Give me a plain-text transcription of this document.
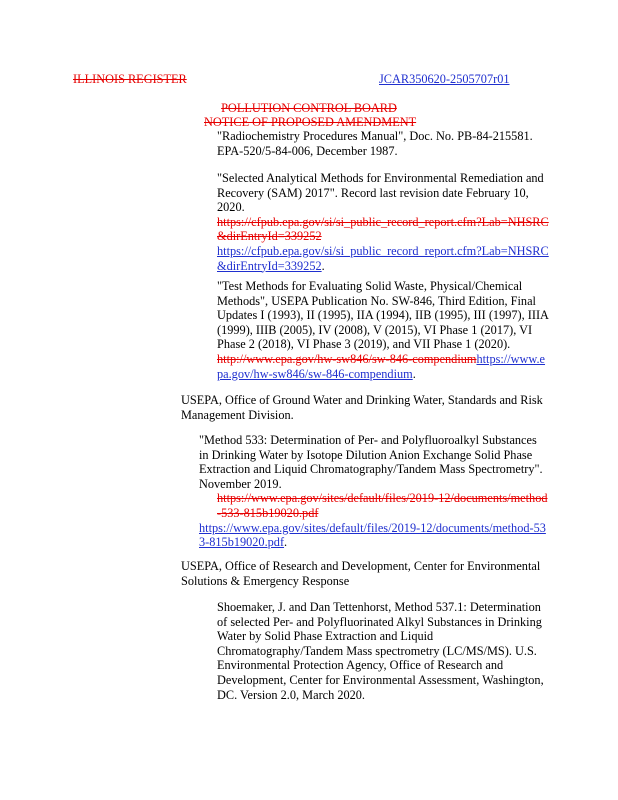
ILLINOIS REGISTER	JCAR350620-2505707r01
POLLUTION CONTROL BOARD
NOTICE OF PROPOSED AMENDMENT

"Radiochemistry Procedures Manual", Doc. No. PB-84-215581.

EPA-520/5-84-006, December 1987.

"Selected Analytical Methods for Environmental Remediation and

Recovery (SAM) 2017". Record last revision date February 10,

2020.

https://cfpub.epa.gov/si/si_public_record_report.cfm?Lab=NHSRC

&dirEntryId=339252

https://cfpub.epa.gov/si/si_public_record_report.cfm?Lab=NHSRC

&dirEntryId=339252.

"Test Methods for Evaluating Solid Waste, Physical/Chemical

Methods", USEPA Publication No. SW-846, Third Edition, Final

Updates I (1993), II (1995), IIA (1994), IIB (1995), III (1997), IIIA

(1999), IIIB (2005), IV (2008), V (2015), VI Phase 1 (2017), VI

Phase 2 (2018), VI Phase 3 (2019), and VII Phase 1 (2020).

http://www.epa.gov/hw-sw846/sw-846-compendiumhttps://www.e

pa.gov/hw-sw846/sw-846-compendium.

USEPA, Office of Ground Water and Drinking Water, Standards and Risk

Management Division.

"Method 533: Determination of Per- and Polyfluoroalkyl Substances

in Drinking Water by Isotope Dilution Anion Exchange Solid Phase

Extraction and Liquid Chromatography/Tandem Mass Spectrometry".

November 2019.

https://www.epa.gov/sites/default/files/2019-12/documents/method

-533-815b19020.pdf

https://www.epa.gov/sites/default/files/2019-12/documents/method-53

3-815b19020.pdf.

USEPA, Office of Research and Development, Center for Environmental

Solutions & Emergency Response

Shoemaker, J. and Dan Tettenhorst, Method 537.1: Determination

of selected Per- and Polyfluorinated Alkyl Substances in Drinking

Water by Solid Phase Extraction and Liquid

Chromatography/Tandem Mass spectrometry (LC/MS/MS). U.S.

Environmental Protection Agency, Office of Research and

Development, Center for Environmental Assessment, Washington,

DC. Version 2.0, March 2020.
